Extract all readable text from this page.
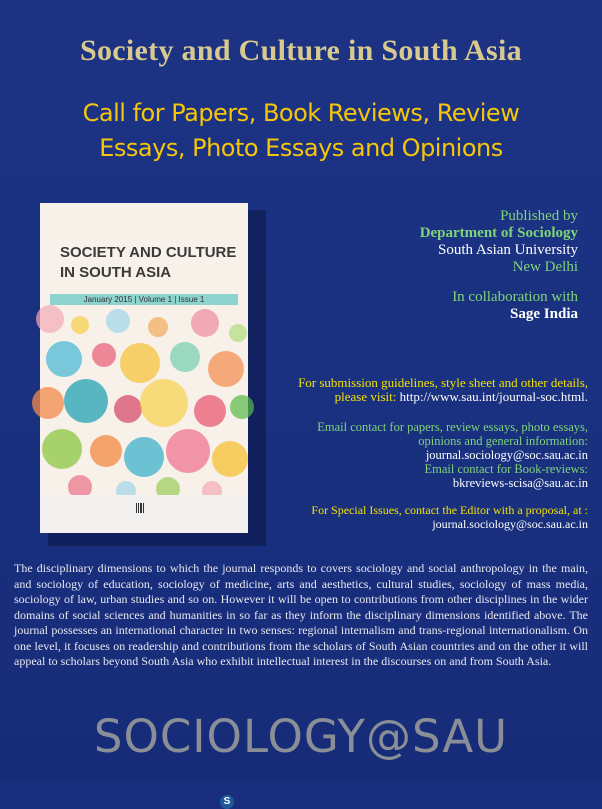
Society and Culture in South Asia
Call for Papers, Book Reviews, Review
Essays, Photo Essays and Opinions
SOCIETY AND CULTURE
IN SOUTH ASIA
January 2015 | Volume 1 | Issue 1
S
Published by
Department of Sociology
South Asian University
New Delhi
In collaboration with
Sage India
For submission guidelines, style sheet and other details,
please visit: http://www.sau.int/journal-soc.html.
Email contact for papers, review essays, photo essays,
opinions and general information:
journal.sociology@soc.sau.ac.in
Email contact for Book-reviews:
bkreviews-scisa@sau.ac.in
For Special Issues, contact the Editor with a proposal, at :
journal.sociology@soc.sau.ac.in
The disciplinary dimensions to which the journal responds to covers sociology and social anthropology in the main, and sociology of education, sociology of medicine, arts and aesthetics, cultural studies, sociology of mass media, sociology of law, urban studies and so on. However it will be open to contributions from other disciplines in the wider domains of social sciences and humanities in so far as they inform the disciplinary dimensions identified above. The journal possesses an international character in two senses: regional internalism and trans-regional internationalism. On one level, it focuses on readership and contributions from the scholars of South Asian countries and on the other it will appeal to scholars beyond South Asia who exhibit intellectual interest in the discourses on and from South Asia.
SOCIOLOGY@SAU
